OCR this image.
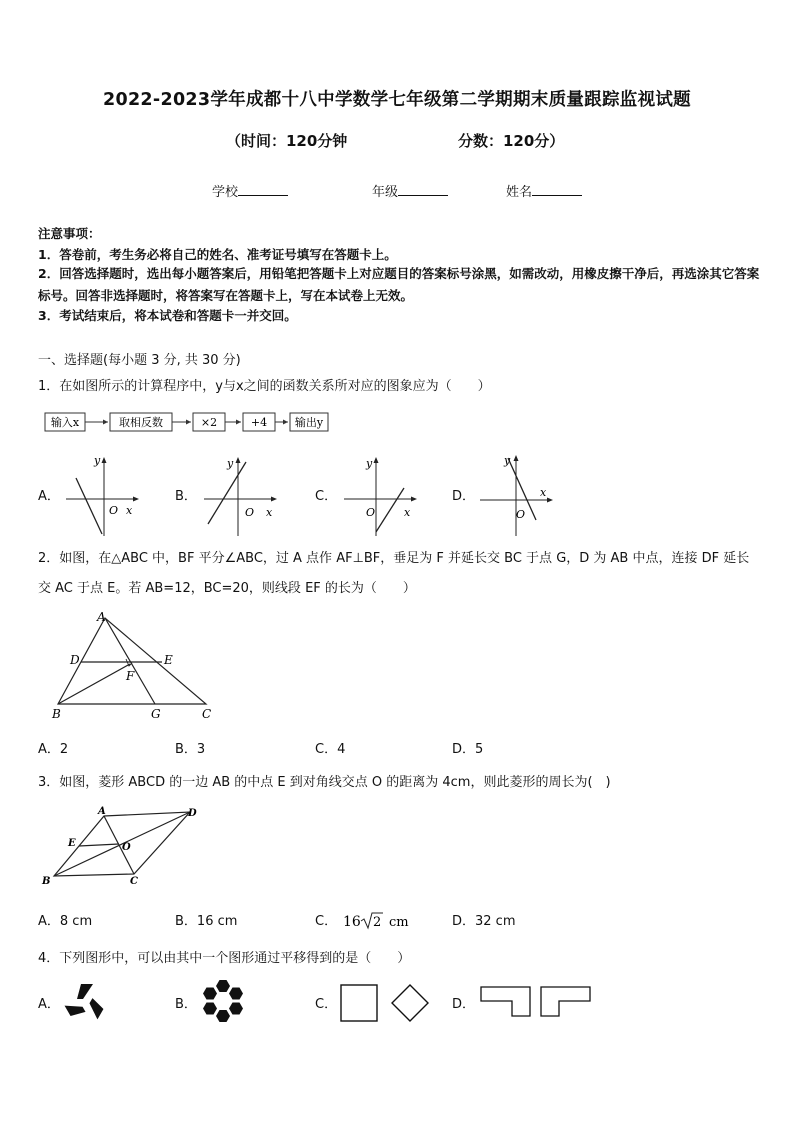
2022-2023学年成都十八中学数学七年级第二学期期末质量跟踪监视试题
（时间：120分钟	分数：120分）
学校	年级	姓名
注意事项：
1．答卷前，考生务必将自己的姓名、准考证号填写在答题卡上。
2．回答选择题时，选出每小题答案后，用铅笔把答题卡上对应题目的答案标号涂黑，如需改动，用橡皮擦干净后，再选涂其它答案标号。回答非选择题时，将答案写在答题卡上，写在本试卷上无效。
3．考试结束后，将本试卷和答题卡一并交回。
一、选择题(每小题 3 分, 共 30 分)
1．在如图所示的计算程序中，y与x之间的函数关系所对应的图象应为（　　）
输入x	取相反数	×2	+4	输出y
A．	B．	C．	D．
y
x
O
y
x
O
y
x
O
y
x
O
2．如图，在△ABC 中，BF 平分∠ABC，过 A 点作 AF⊥BF，垂足为 F 并延长交 BC 于点 G，D 为 AB 中点，连接 DF 延长交 AC 于点 E。若 AB=12，BC=20，则线段 EF 的长为（　　）
A
D	E
F
B	G	C
A．2	B．3	C．4	D．5
3．如图，菱形 ABCD 的一边 AB 的中点 E 到对角线交点 O 的距离为 4cm，则此菱形的周长为(　)
A	D
E	O
B	C
A．8 cm	B．16 cm	C． 16 2 cm	D．32 cm
4．下列图形中，可以由其中一个图形通过平移得到的是（　　）
A．	B．	C．	D．
